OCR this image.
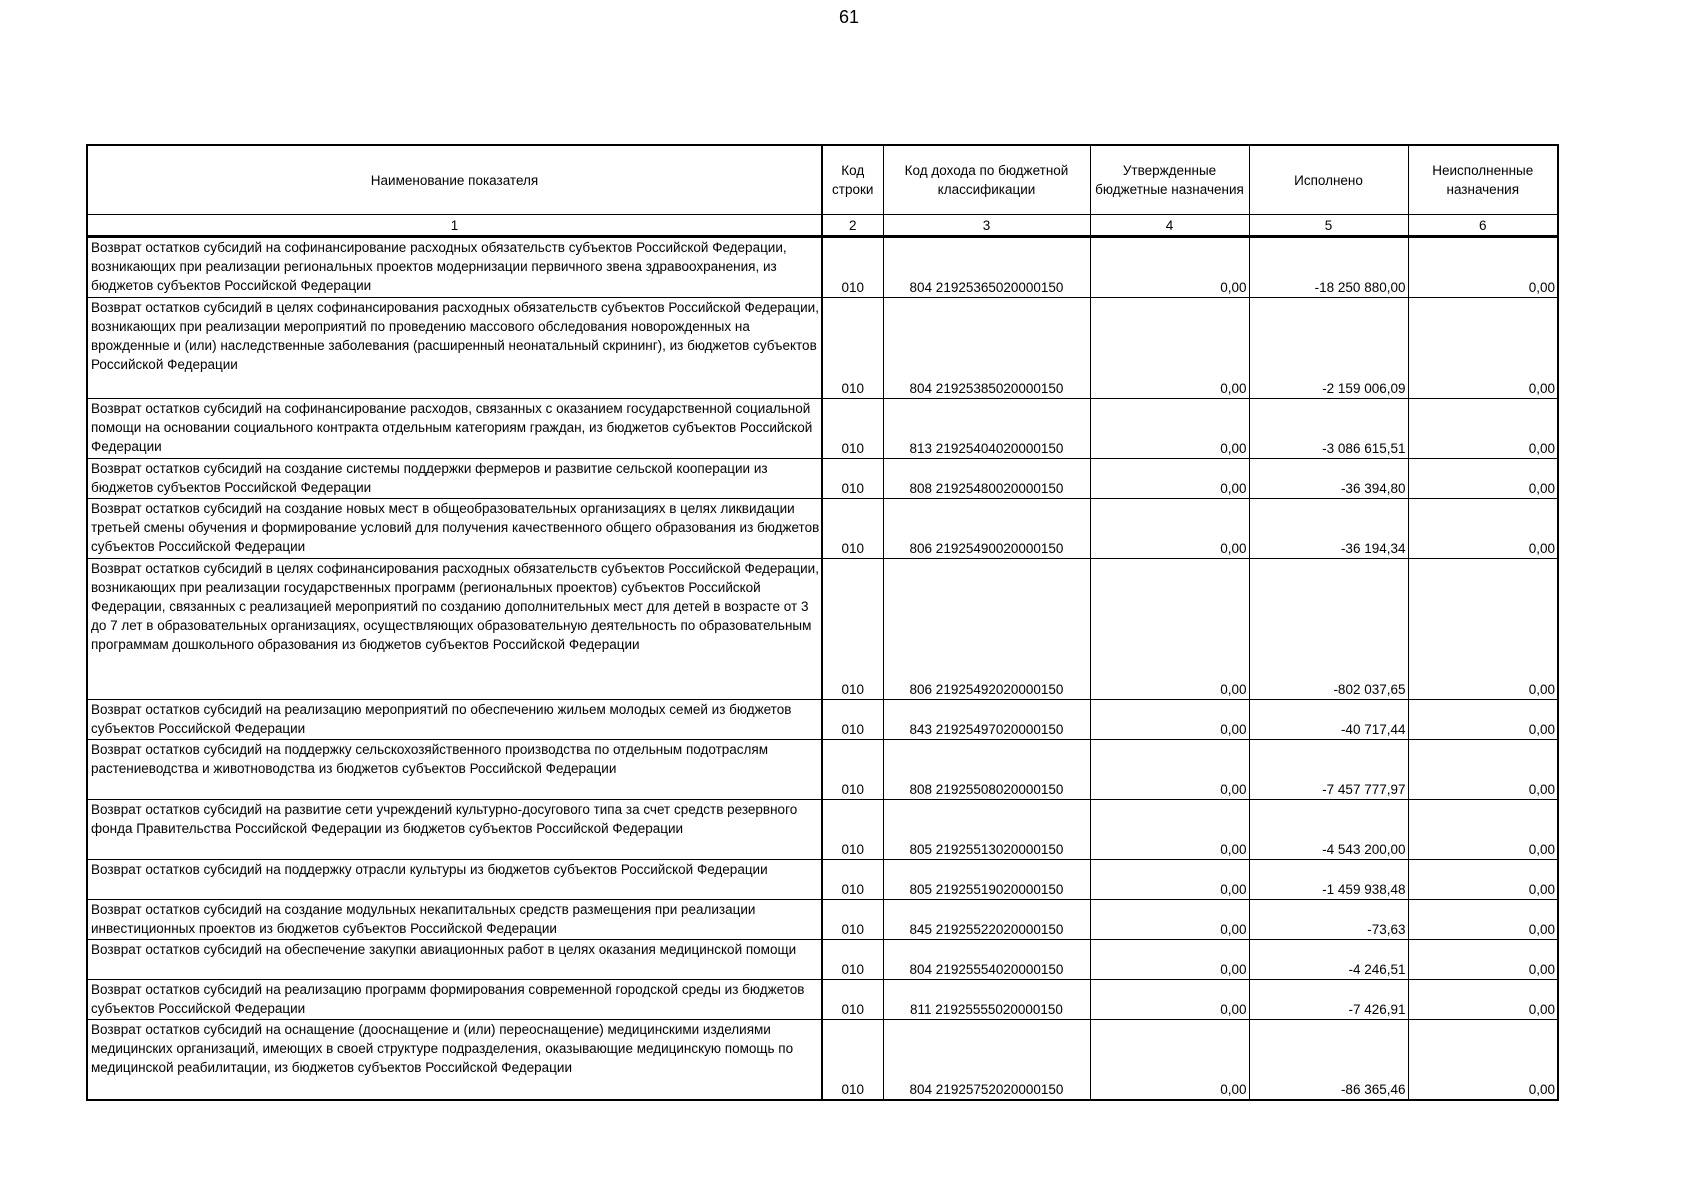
61
Наименование показателя	Код строки	Код дохода по бюджетной классификации	Утвержденные бюджетные назначения	Исполнено	Неисполненные назначения
1	2	3	4	5	6
Возврат остатков субсидий на софинансирование расходных обязательств субъектов Российской Федерации, возникающих при реализации региональных проектов модернизации первичного звена здравоохранения, из бюджетов субъектов Российской Федерации	010	804 21925365020000150	0,00	-18 250 880,00	0,00
Возврат остатков субсидий в целях софинансирования расходных обязательств субъектов Российской Федерации, возникающих при реализации мероприятий по проведению массового обследования новорожденных на врожденные и (или) наследственные заболевания (расширенный неонатальный скрининг), из бюджетов субъектов Российской Федерации	010	804 21925385020000150	0,00	-2 159 006,09	0,00
Возврат остатков субсидий на софинансирование расходов, связанных с оказанием государственной социальной помощи на основании социального контракта отдельным категориям граждан, из бюджетов субъектов Российской Федерации	010	813 21925404020000150	0,00	-3 086 615,51	0,00
Возврат остатков субсидий на создание системы поддержки фермеров и развитие сельской кооперации из бюджетов субъектов Российской Федерации	010	808 21925480020000150	0,00	-36 394,80	0,00
Возврат остатков субсидий на создание новых мест в общеобразовательных организациях в целях ликвидации третьей смены обучения и формирование условий для получения качественного общего образования из бюджетов субъектов Российской Федерации	010	806 21925490020000150	0,00	-36 194,34	0,00
Возврат остатков субсидий в целях софинансирования расходных обязательств субъектов Российской Федерации, возникающих при реализации государственных программ (региональных проектов) субъектов Российской Федерации, связанных с реализацией мероприятий по созданию дополнительных мест для детей в возрасте от 3 до 7 лет в образовательных организациях, осуществляющих образовательную деятельность по образовательным программам дошкольного образования из бюджетов субъектов Российской Федерации	010	806 21925492020000150	0,00	-802 037,65	0,00
Возврат остатков субсидий на реализацию мероприятий по обеспечению жильем молодых семей из бюджетов субъектов Российской Федерации	010	843 21925497020000150	0,00	-40 717,44	0,00
Возврат остатков субсидий на поддержку сельскохозяйственного производства по отдельным подотраслям растениеводства и животноводства из бюджетов субъектов Российской Федерации	010	808 21925508020000150	0,00	-7 457 777,97	0,00
Возврат остатков субсидий на развитие сети учреждений культурно-досугового типа за счет средств резервного фонда Правительства Российской Федерации из бюджетов субъектов Российской Федерации	010	805 21925513020000150	0,00	-4 543 200,00	0,00
Возврат остатков субсидий на поддержку отрасли культуры из бюджетов субъектов Российской Федерации	010	805 21925519020000150	0,00	-1 459 938,48	0,00
Возврат остатков субсидий на создание модульных некапитальных средств размещения при реализации инвестиционных проектов из бюджетов субъектов Российской Федерации	010	845 21925522020000150	0,00	-73,63	0,00
Возврат остатков субсидий на обеспечение закупки авиационных работ в целях оказания медицинской помощи	010	804 21925554020000150	0,00	-4 246,51	0,00
Возврат остатков субсидий на реализацию программ формирования современной городской среды из бюджетов субъектов Российской Федерации	010	811 21925555020000150	0,00	-7 426,91	0,00
Возврат остатков субсидий на оснащение (дооснащение и (или) переоснащение) медицинскими изделиями медицинских организаций, имеющих в своей структуре подразделения, оказывающие медицинскую помощь по медицинской реабилитации, из бюджетов субъектов Российской Федерации	010	804 21925752020000150	0,00	-86 365,46	0,00
